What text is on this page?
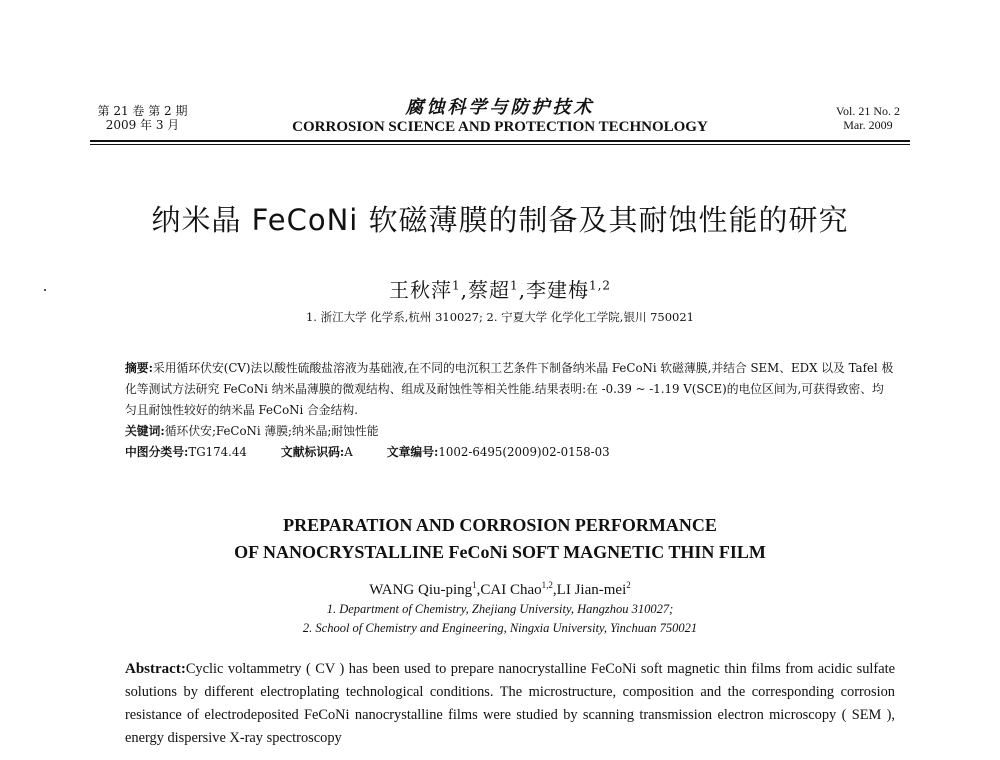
第 21 卷 第 2 期
2009 年 3 月
腐蚀科学与防护技术
CORROSION SCIENCE AND PROTECTION TECHNOLOGY
Vol. 21 No. 2
Mar. 2009
纳米晶 FeCoNi 软磁薄膜的制备及其耐蚀性能的研究
王秋萍$^1$,蔡超$^1$,李建梅$^{1,2}$
1. 浙江大学 化学系,杭州 310027; 2. 宁夏大学 化学化工学院,银川 750021
摘要:采用循环伏安(CV)法以酸性硫酸盐溶液为基础液,在不同的电沉积工艺条件下制备纳米晶 FeCoNi 软磁薄膜,并结合 SEM、EDX 以及 Tafel 极化等测试方法研究 FeCoNi 纳米晶薄膜的微观结构、组成及耐蚀性等相关性能.结果表明:在 -0.39 ~ -1.19 V(SCE)的电位区间为,可获得致密、均匀且耐蚀性较好的纳米晶 FeCoNi 合金结构.
关键词:循环伏安;FeCoNi 薄膜;纳米晶;耐蚀性能
中图分类号:TG174.44	文献标识码:A	文章编号:1002-6495(2009)02-0158-03
PREPARATION AND CORROSION PERFORMANCE
OF NANOCRYSTALLINE FeCoNi SOFT MAGNETIC THIN FILM
WANG Qiu-ping$^1$,CAI Chao$^{1,2}$,LI Jian-mei$^2$
1. Department of Chemistry, Zhejiang University, Hangzhou 310027;
2. School of Chemistry and Engineering, Ningxia University, Yinchuan 750021
Abstract:Cyclic voltammetry ( CV ) has been used to prepare nanocrystalline FeCoNi soft magnetic thin films from acidic sulfate solutions by different electroplating technological conditions. The microstructure, composition and the corresponding corrosion resistance of electrodeposited FeCoNi nanocrystalline films were studied by scanning transmission electron microscopy ( SEM ), energy dispersive X-ray spectroscopy
